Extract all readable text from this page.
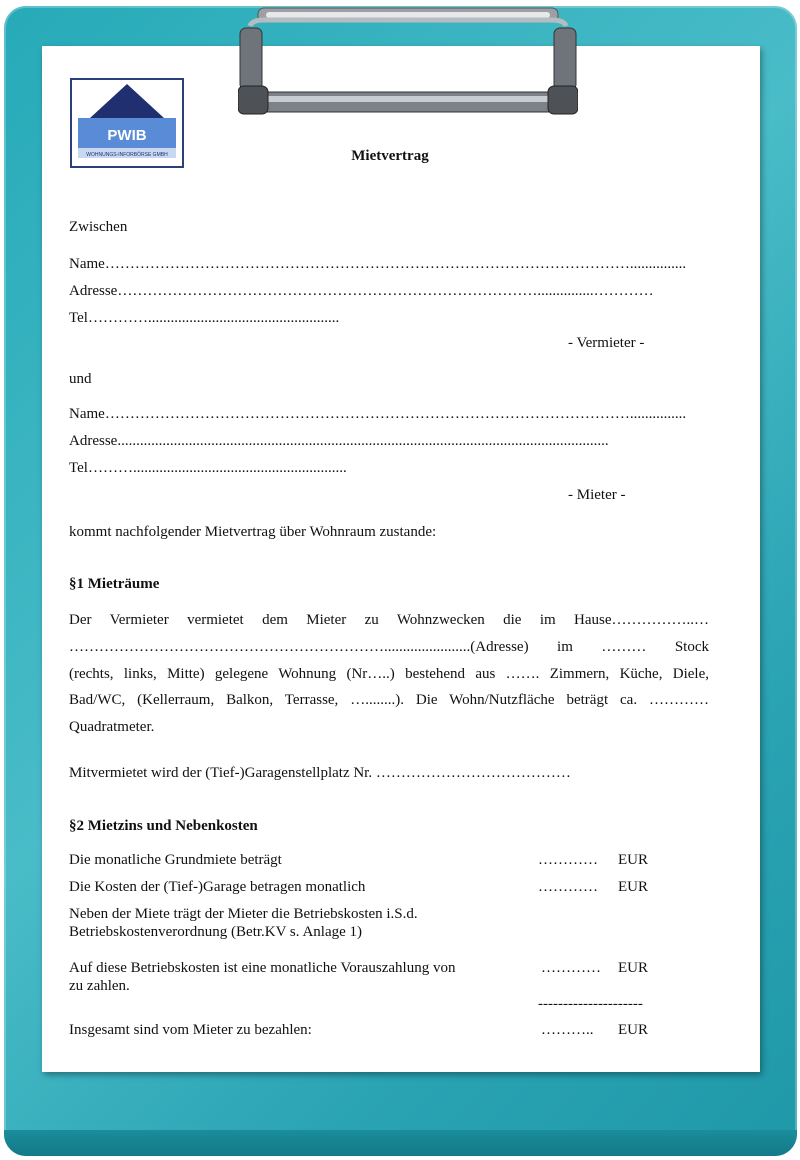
PWIB
WOHNUNGS-INFORBÖRSE GMBH	Mietvertrag
Zwischen
Name……………………………………………………………………………………………...............
Adresse…………………………………………………………………………...............…………
Tel…………...................................................
- Vermieter -
und
Name……………………………………………………………………………………………...............
Adresse...................................................................................................................................
Tel……….........................................................
- Mieter -
kommt nachfolgender Mietvertrag über Wohnraum zustande:
§1 Mieträume
Der Vermieter vermietet dem Mieter zu Wohnzwecken die im Hause……………..…
……………………………………………………….......................(Adresse) im ……… Stock
(rechts, links, Mitte) gelegene Wohnung (Nr…..) bestehend aus ……. Zimmern, Küche, Diele,
Bad/WC, (Kellerraum, Balkon, Terrasse, …........). Die Wohn/Nutzfläche beträgt ca. …………
Quadratmeter.
Mitvermietet wird der (Tief-)Garagenstellplatz Nr. …………………………………
§2 Mietzins und Nebenkosten
Die monatliche Grundmiete beträgt	………… EUR
Die Kosten der (Tief-)Garage betragen monatlich	………… EUR
Neben der Miete trägt der Mieter die Betriebskosten i.S.d.
Betriebskostenverordnung (Betr.KV s. Anlage 1)
Auf diese Betriebskosten ist eine monatliche Vorauszahlung von
zu zahlen.
………… EUR
---------------------
Insgesamt sind vom Mieter zu bezahlen:	……….. EUR
